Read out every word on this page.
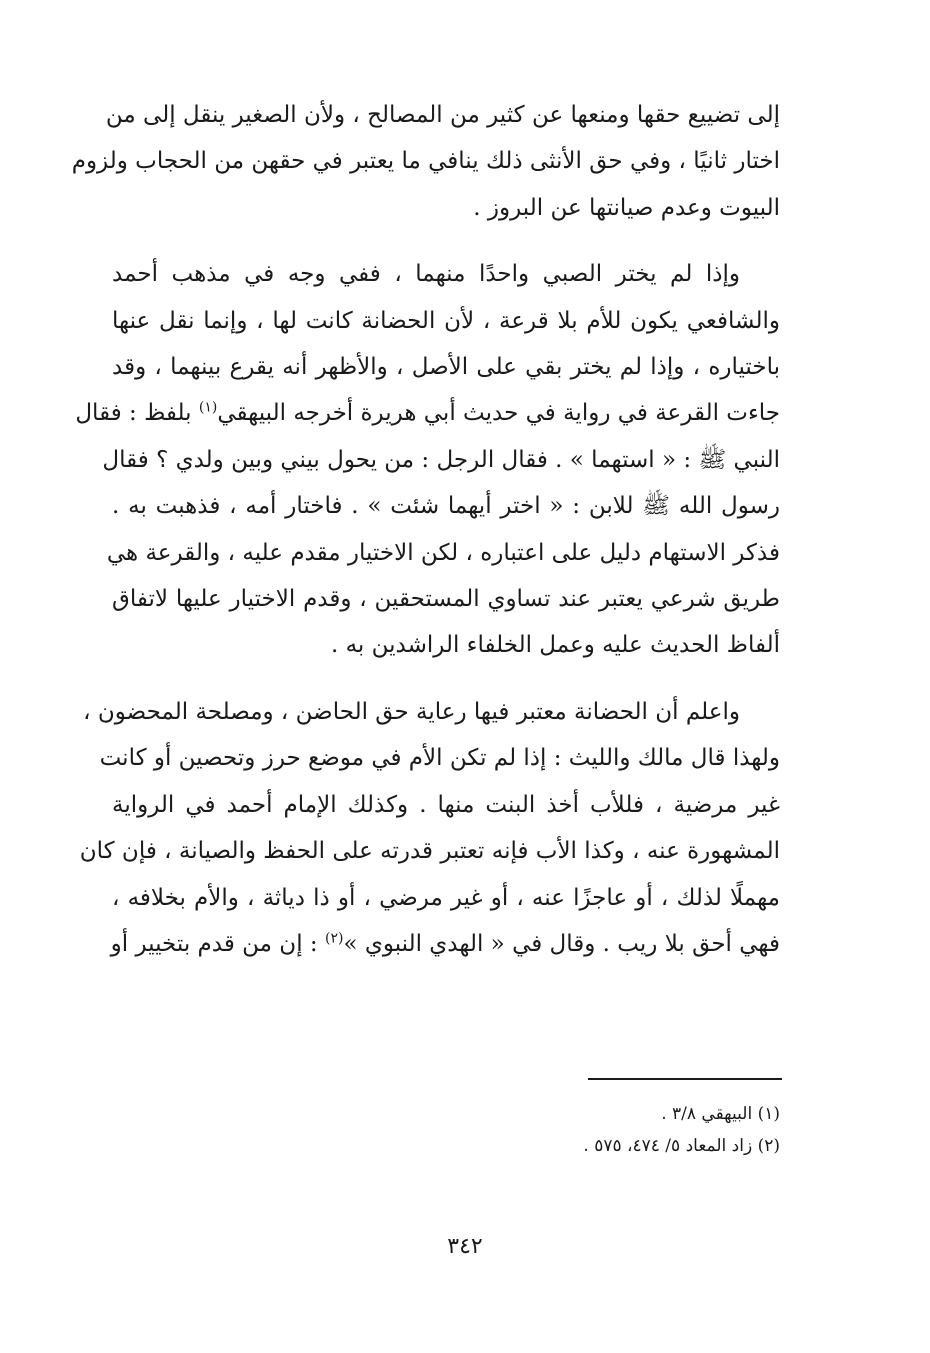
إلى تضييع حقها ومنعها عن كثير من المصالح ، ولأن الصغير ينقل إلى من
اختار ثانيًا ، وفي حق الأنثى ذلك ينافي ما يعتبر في حقهن من الحجاب ولزوم
البيوت وعدم صيانتها عن البروز .
وإذا لم يختر الصبي واحدًا منهما ، ففي وجه في مذهب أحمد
والشافعي يكون للأم بلا قرعة ، لأن الحضانة كانت لها ، وإنما نقل عنها
باختياره ، وإذا لم يختر بقي على الأصل ، والأظهر أنه يقرع بينهما ، وقد
جاءت القرعة في رواية في حديث أبي هريرة أخرجه البيهقي$^{(١)}$ بلفظ : فقال
النبي ﷺ : « استهما » . فقال الرجل : من يحول بيني وبين ولدي ؟ فقال
رسول الله ﷺ للابن : « اختر أيهما شئت » . فاختار أمه ، فذهبت به .
فذكر الاستهام دليل على اعتباره ، لكن الاختيار مقدم عليه ، والقرعة هي
طريق شرعي يعتبر عند تساوي المستحقين ، وقدم الاختيار عليها لاتفاق
ألفاظ الحديث عليه وعمل الخلفاء الراشدين به .
واعلم أن الحضانة معتبر فيها رعاية حق الحاضن ، ومصلحة المحضون ،
ولهذا قال مالك والليث : إذا لم تكن الأم في موضع حرز وتحصين أو كانت
غير مرضية ، فللأب أخذ البنت منها . وكذلك الإمام أحمد في الرواية
المشهورة عنه ، وكذا الأب فإنه تعتبر قدرته على الحفظ والصيانة ، فإن كان
مهملًا لذلك ، أو عاجزًا عنه ، أو غير مرضي ، أو ذا دياثة ، والأم بخلافه ،
فهي أحق بلا ريب . وقال في « الهدي النبوي »$^{(٢)}$ : إن من قدم بتخيير أو
(١) البيهقي ٣/٨ .
(٢) زاد المعاد ٥/ ٤٧٤، ٥٧٥ .
٣٤٢
